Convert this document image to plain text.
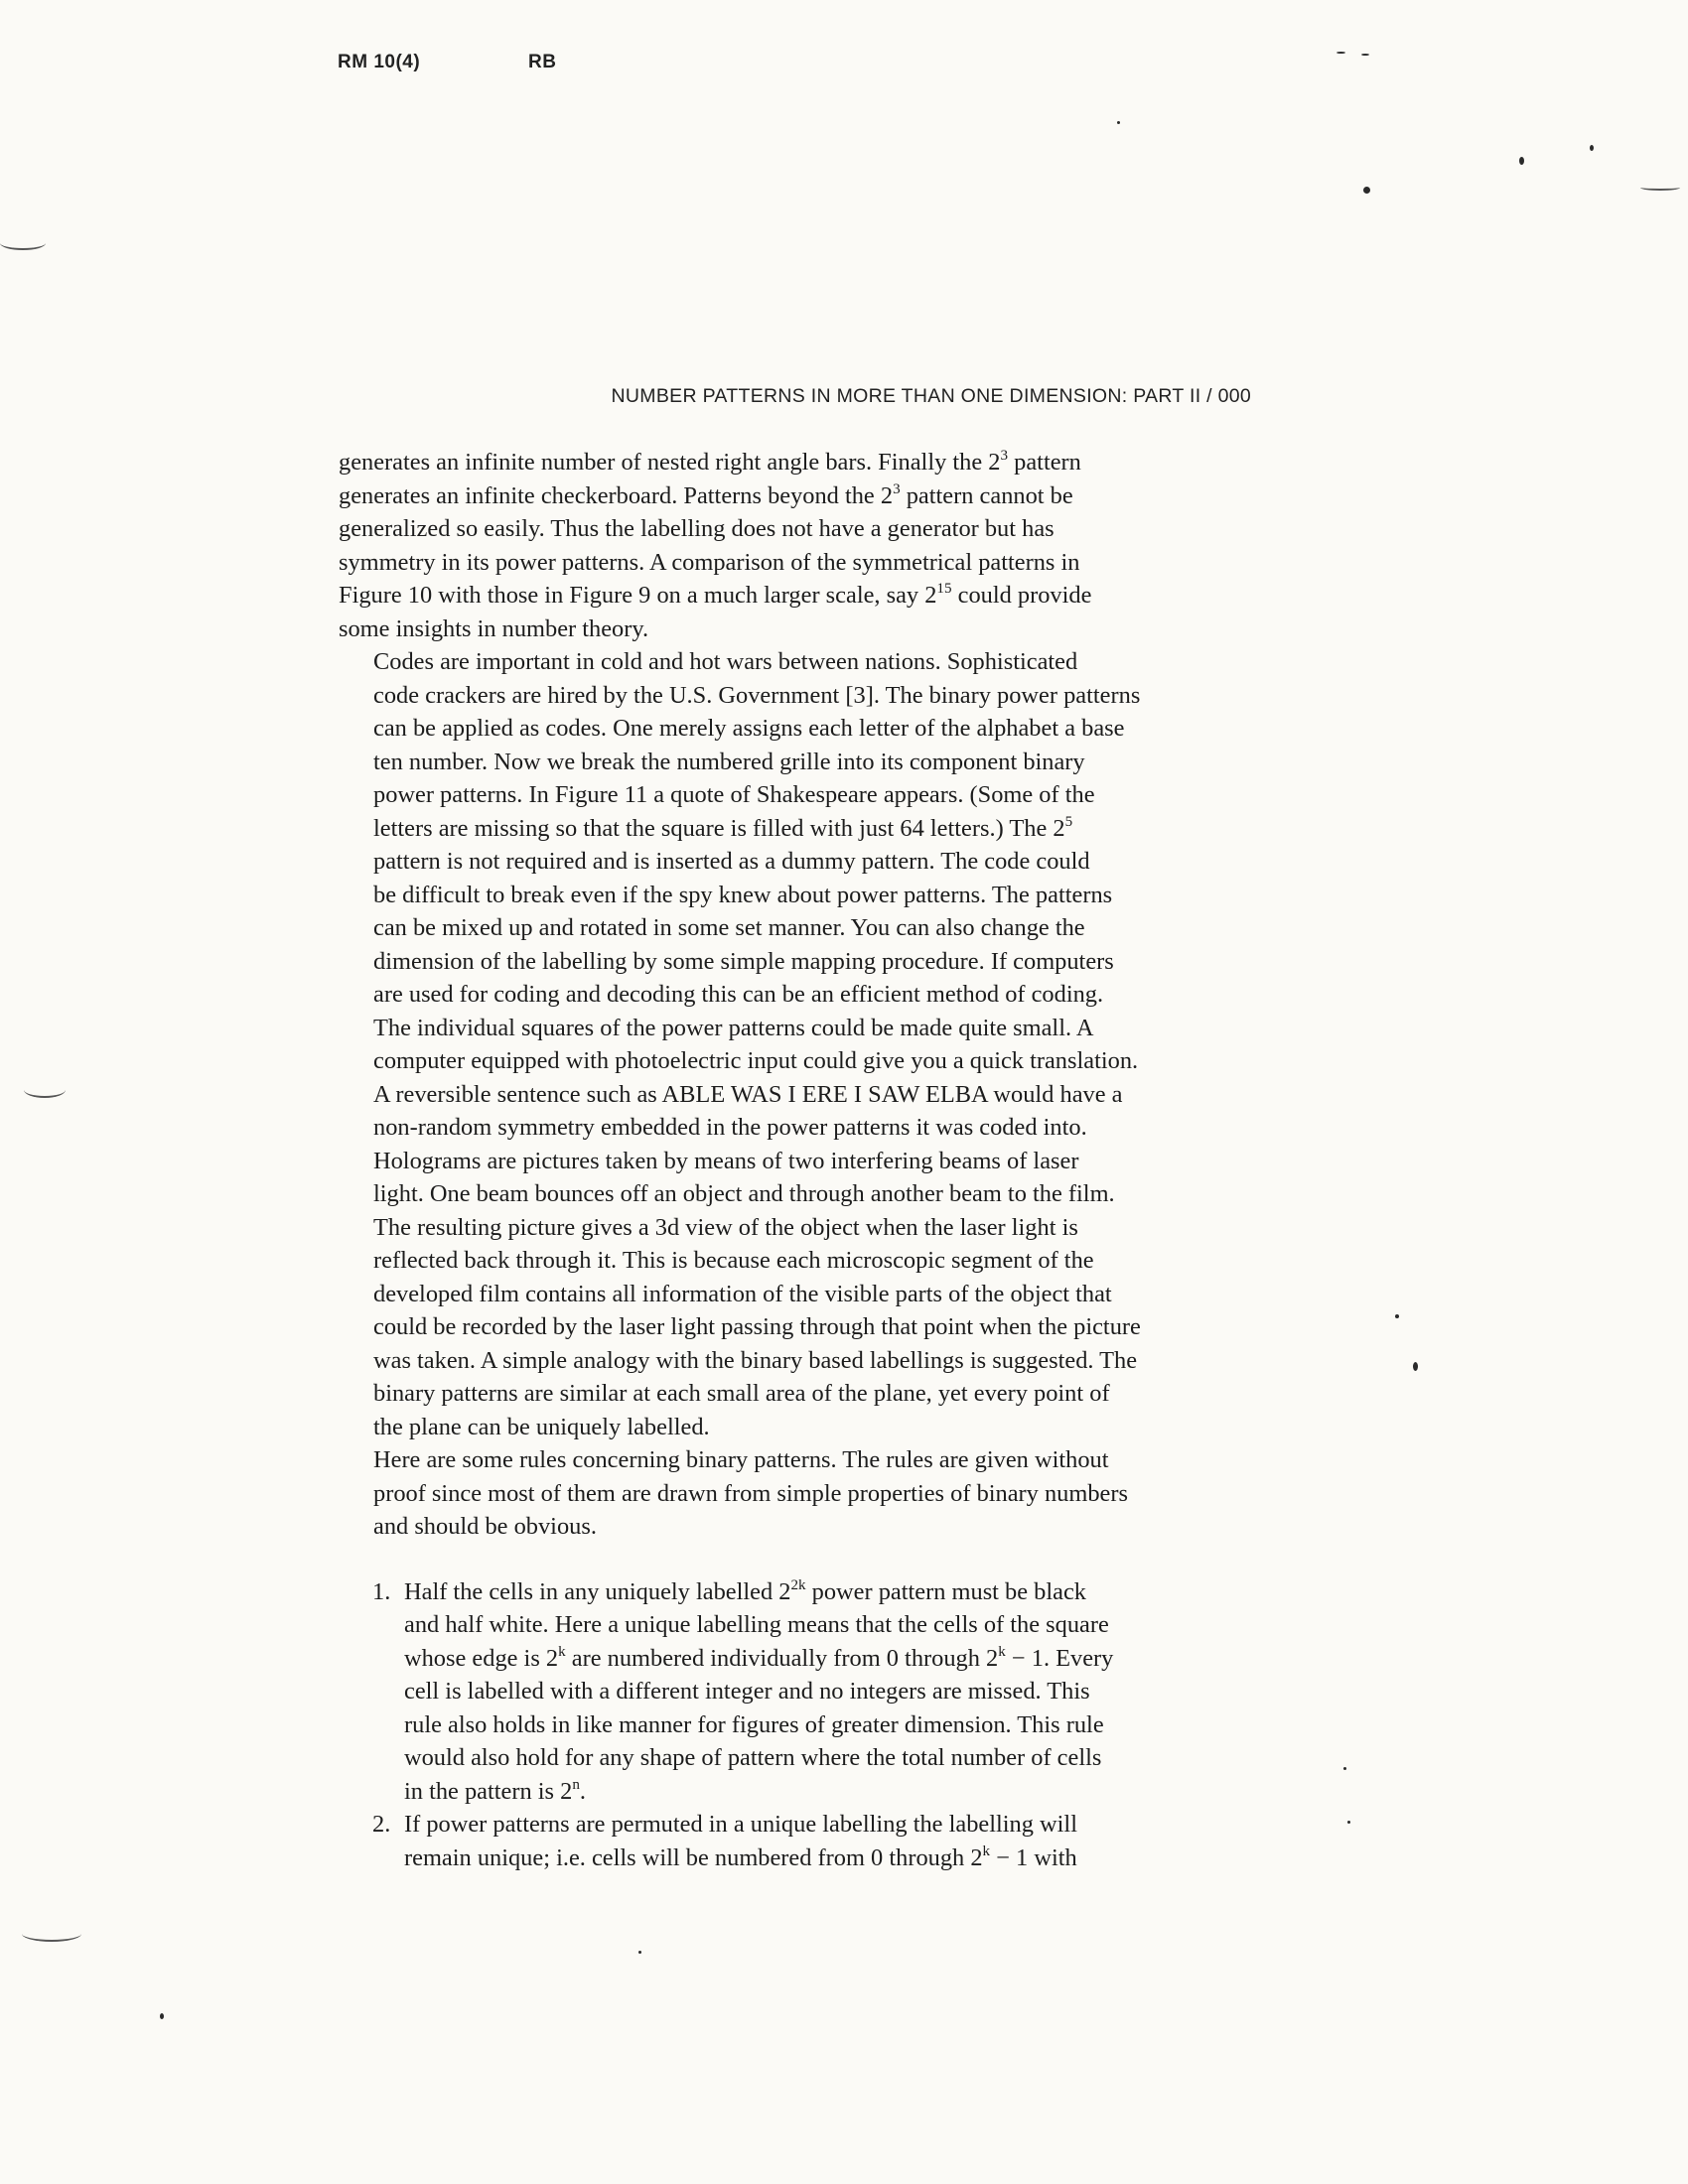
RM 10(4)	RB
NUMBER PATTERNS IN MORE THAN ONE DIMENSION: PART II / 000

generates an infinite number of nested right angle bars. Finally the $2^3$ pattern
generates an infinite checkerboard. Patterns beyond the $2^3$ pattern cannot be
generalized so easily. Thus the labelling does not have a generator but has
symmetry in its power patterns. A comparison of the symmetrical patterns in
Figure 10 with those in Figure 9 on a much larger scale, say $2^{15}$ could provide
some insights in number theory.

Codes are important in cold and hot wars between nations. Sophisticated
code crackers are hired by the U.S. Government [3]. The binary power patterns
can be applied as codes. One merely assigns each letter of the alphabet a base
ten number. Now we break the numbered grille into its component binary
power patterns. In Figure 11 a quote of Shakespeare appears. (Some of the
letters are missing so that the square is filled with just 64 letters.) The $2^5$
pattern is not required and is inserted as a dummy pattern. The code could
be difficult to break even if the spy knew about power patterns. The patterns
can be mixed up and rotated in some set manner. You can also change the
dimension of the labelling by some simple mapping procedure. If computers
are used for coding and decoding this can be an efficient method of coding.
The individual squares of the power patterns could be made quite small. A
computer equipped with photoelectric input could give you a quick translation.
A reversible sentence such as ABLE WAS I ERE I SAW ELBA would have a
non-random symmetry embedded in the power patterns it was coded into.

Holograms are pictures taken by means of two interfering beams of laser
light. One beam bounces off an object and through another beam to the film.
The resulting picture gives a 3d view of the object when the laser light is
reflected back through it. This is because each microscopic segment of the
developed film contains all information of the visible parts of the object that
could be recorded by the laser light passing through that point when the picture
was taken. A simple analogy with the binary based labellings is suggested. The
binary patterns are similar at each small area of the plane, yet every point of
the plane can be uniquely labelled.

Here are some rules concerning binary patterns. The rules are given without
proof since most of them are drawn from simple properties of binary numbers
and should be obvious.

1. Half the cells in any uniquely labelled $2^{2k}$ power pattern must be black
and half white. Here a unique labelling means that the cells of the square
whose edge is 2$^k$ are numbered individually from 0 through $2^k - 1$. Every
cell is labelled with a different integer and no integers are missed. This
rule also holds in like manner for figures of greater dimension. This rule
would also hold for any shape of pattern where the total number of cells
in the pattern is 2$^n$.
2. If power patterns are permuted in a unique labelling the labelling will
remain unique; i.e. cells will be numbered from 0 through $2^k - 1$ with
